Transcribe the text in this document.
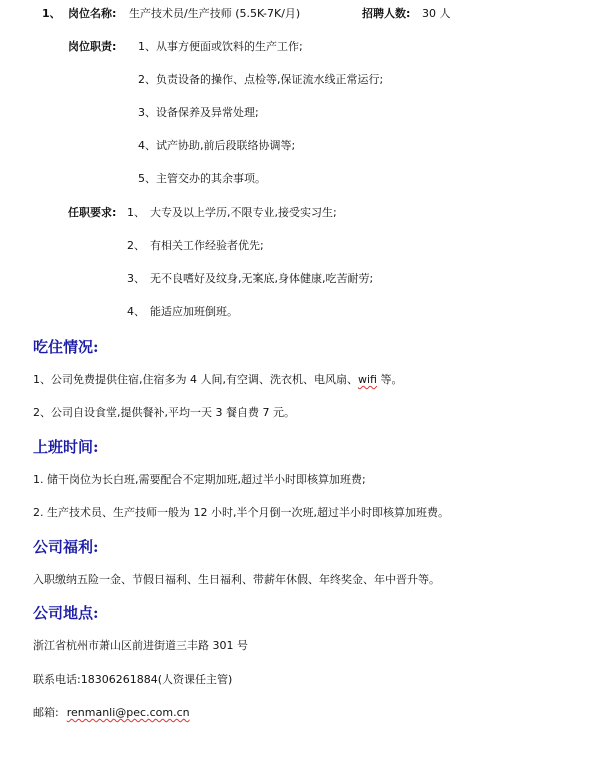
1、 岗位名称: 生产技术员/生产技师 (5.5K-7K/月)	招聘人数: 30 人
岗位职责: 1、从事方便面或饮料的生产工作;
2、负责设备的操作、点检等,保证流水线正常运行;
3、设备保养及异常处理;
4、试产协助,前后段联络协调等;
5、主管交办的其余事项。
任职要求: 1、 大专及以上学历,不限专业,接受实习生;
2、 有相关工作经验者优先;
3、 无不良嗜好及纹身,无案底,身体健康,吃苦耐劳;
4、 能适应加班倒班。
吃住情况:
1、公司免费提供住宿,住宿多为 4 人间,有空调、洗衣机、电风扇、wifi 等。
2、公司自设食堂,提供餐补,平均一天 3 餐自费 7 元。
上班时间:
1. 储干岗位为长白班,需要配合不定期加班,超过半小时即核算加班费;
2. 生产技术员、生产技师一般为 12 小时,半个月倒一次班,超过半小时即核算加班费。
公司福利:
入职缴纳五险一金、节假日福利、生日福利、带薪年休假、年终奖金、年中晋升等。
公司地点:
浙江省杭州市萧山区前进街道三丰路 301 号
联系电话:18306261884(人资课任主管)
邮箱: renmanli@pec.com.cn
